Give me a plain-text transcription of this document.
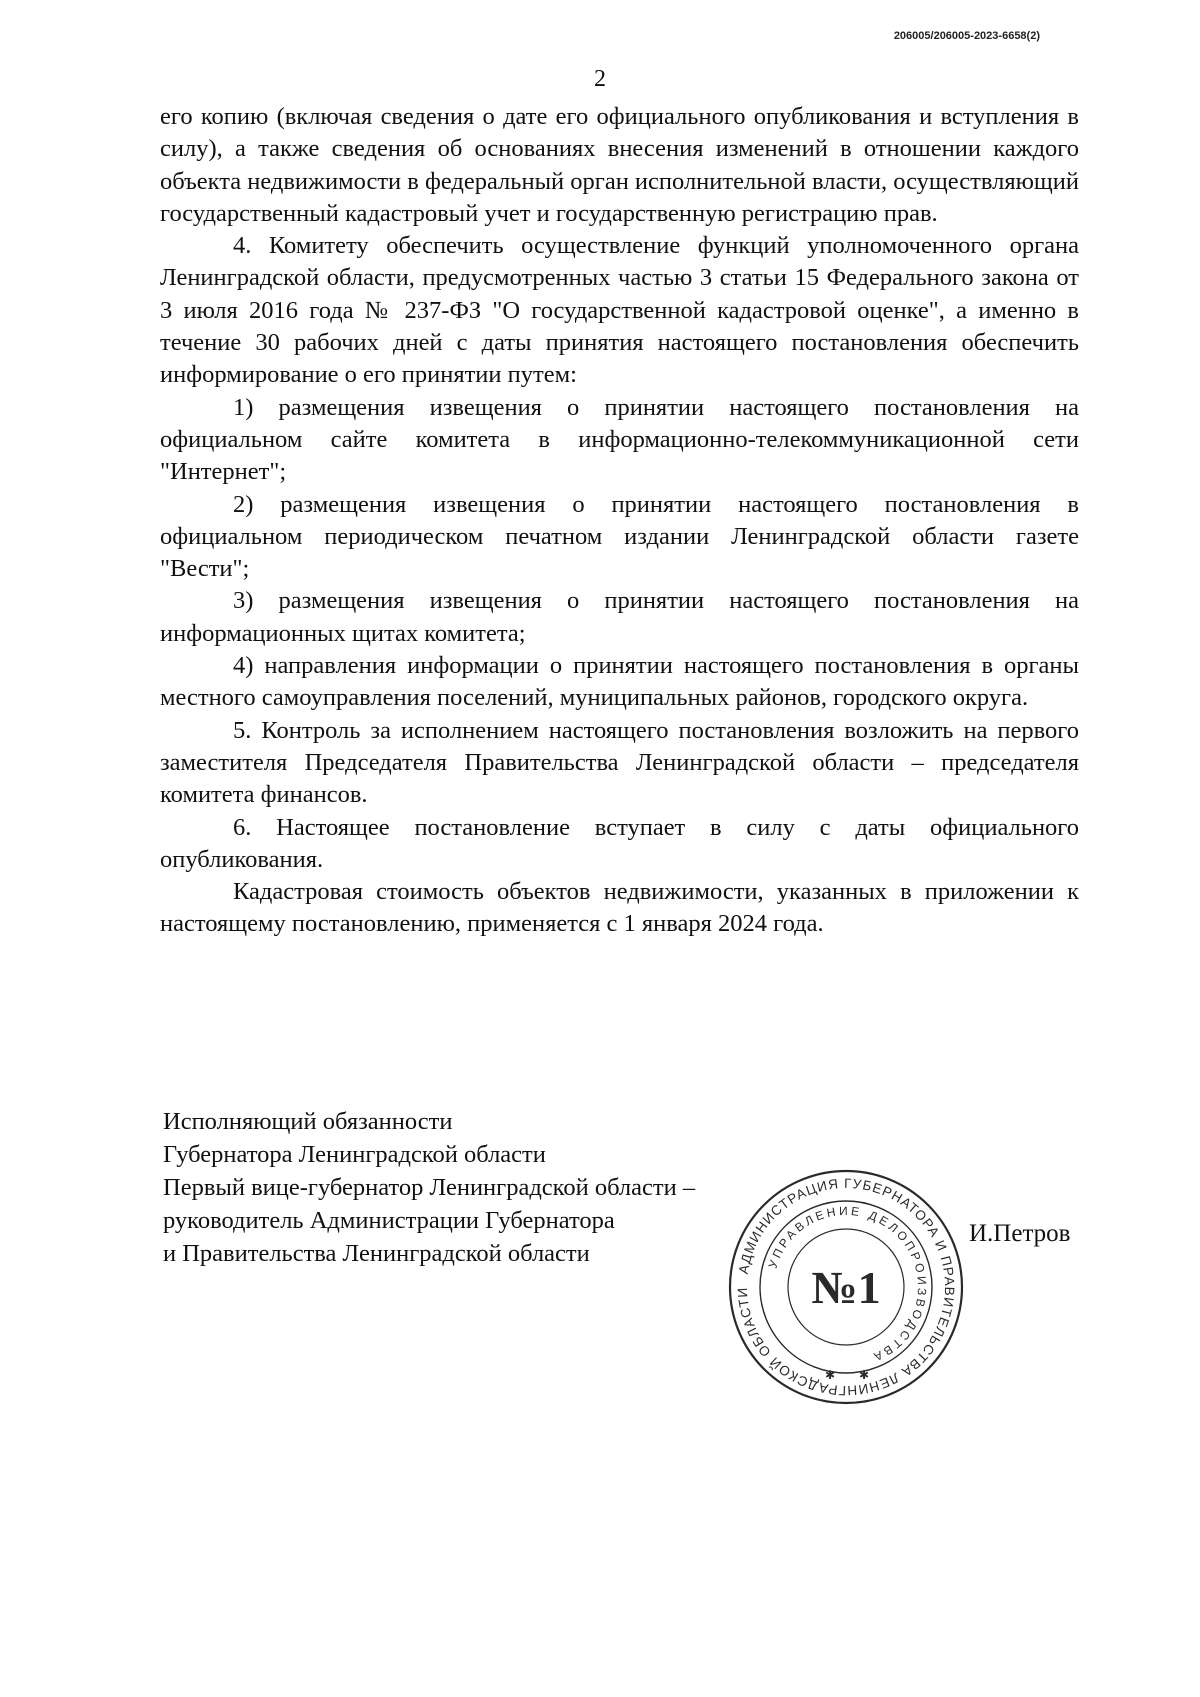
206005/206005-2023-6658(2)
2

его копию (включая сведения о дате его официального опубликования и вступления в силу), а также сведения об основаниях внесения изменений в отношении каждого объекта недвижимости в федеральный орган исполнительной власти, осуществляющий государственный кадастровый учет и государственную регистрацию прав.

4. Комитету обеспечить осуществление функций уполномоченного органа Ленинградской области, предусмотренных частью 3 статьи 15 Федерального закона от 3 июля 2016 года № 237-ФЗ "О государственной кадастровой оценке", а именно в течение 30 рабочих дней с даты принятия настоящего постановления обеспечить информирование о его принятии путем:

1) размещения извещения о принятии настоящего постановления на официальном сайте комитета в информационно-телекоммуникационной сети "Интернет";

2) размещения извещения о принятии настоящего постановления в официальном периодическом печатном издании Ленинградской области газете "Вести";

3) размещения извещения о принятии настоящего постановления на информационных щитах комитета;

4) направления информации о принятии настоящего постановления в органы местного самоуправления поселений, муниципальных районов, городского округа.

5. Контроль за исполнением настоящего постановления возложить на первого заместителя Председателя Правительства Ленинградской области – председателя комитета финансов.

6. Настоящее постановление вступает в силу с даты официального опубликования.

Кадастровая стоимость объектов недвижимости, указанных в приложении к настоящему постановлению, применяется с 1 января 2024 года.

Исполняющий обязанности
Губернатора Ленинградской области
Первый вице-губернатор Ленинградской области –
руководитель Администрации Губернатора
и Правительства Ленинградской области
И.Петров
АДМИНИСТРАЦИЯ ГУБЕРНАТОРА И ПРАВИТЕЛЬСТВА ЛЕНИНГРАДСКОЙ ОБЛАСТИ
УПРАВЛЕНИЕ ДЕЛОПРОИЗВОДСТВА
№1
✱ ✱
